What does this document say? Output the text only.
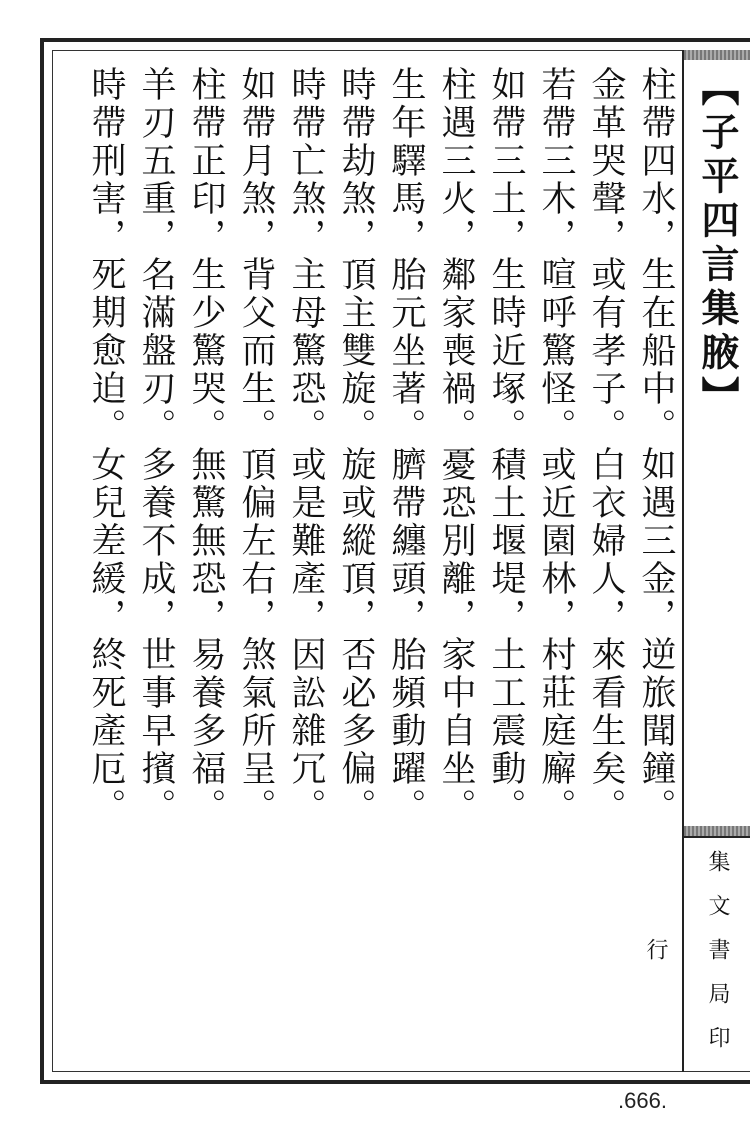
【子平四言集腋】
集文書局印行
柱帶四水，生在船中。如遇三金，逆旅聞鐘。
金革哭聲，或有孝子。白衣婦人，來看生矣。
若帶三木，喧呼驚怪。或近園林，村莊庭廨。
如帶三土，生時近塚。積土堰堤，土工震動。
柱遇三火，鄰家喪禍。憂恐別離，家中自坐。
生年驛馬，胎元坐著。臍帶纏頭，胎頻動躍。
時帶劫煞，頂主雙旋。旋或縱頂，否必多偏。
時帶亡煞，主母驚恐。或是難產，因訟雜冗。
如帶月煞，背父而生。頂偏左右，煞氣所呈。
柱帶正印，生少驚哭。無驚無恐，易養多福。
羊刃五重，名滿盤刃。多養不成，世事早擯。
時帶刑害，死期愈迫。女兒差緩，終死產厄。
.666.
